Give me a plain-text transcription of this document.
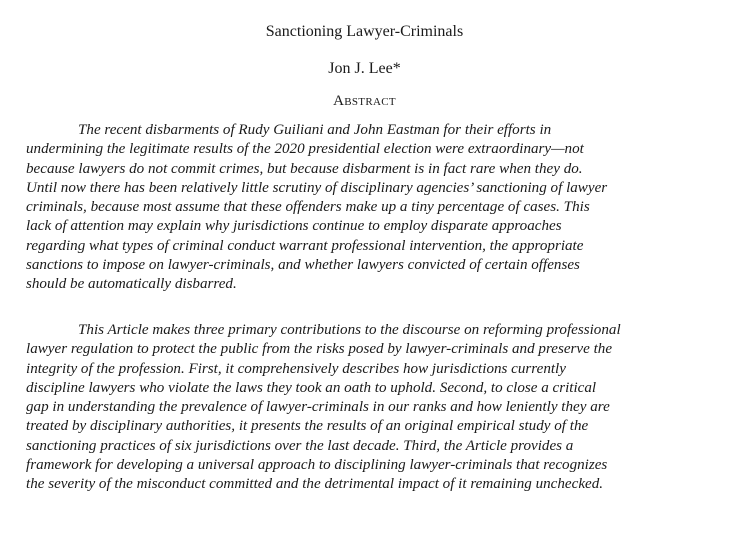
Sanctioning Lawyer-Criminals
Jon J. Lee*
Abstract
The recent disbarments of Rudy Guiliani and John Eastman for their efforts in
undermining the legitimate results of the 2020 presidential election were extraordinary—not
because lawyers do not commit crimes, but because disbarment is in fact rare when they do.
Until now there has been relatively little scrutiny of disciplinary agencies’ sanctioning of lawyer
criminals, because most assume that these offenders make up a tiny percentage of cases. This
lack of attention may explain why jurisdictions continue to employ disparate approaches
regarding what types of criminal conduct warrant professional intervention, the appropriate
sanctions to impose on lawyer-criminals, and whether lawyers convicted of certain offenses
should be automatically disbarred.
This Article makes three primary contributions to the discourse on reforming professional
lawyer regulation to protect the public from the risks posed by lawyer-criminals and preserve the
integrity of the profession. First, it comprehensively describes how jurisdictions currently
discipline lawyers who violate the laws they took an oath to uphold. Second, to close a critical
gap in understanding the prevalence of lawyer-criminals in our ranks and how leniently they are
treated by disciplinary authorities, it presents the results of an original empirical study of the
sanctioning practices of six jurisdictions over the last decade. Third, the Article provides a
framework for developing a universal approach to disciplining lawyer-criminals that recognizes
the severity of the misconduct committed and the detrimental impact of it remaining unchecked.
